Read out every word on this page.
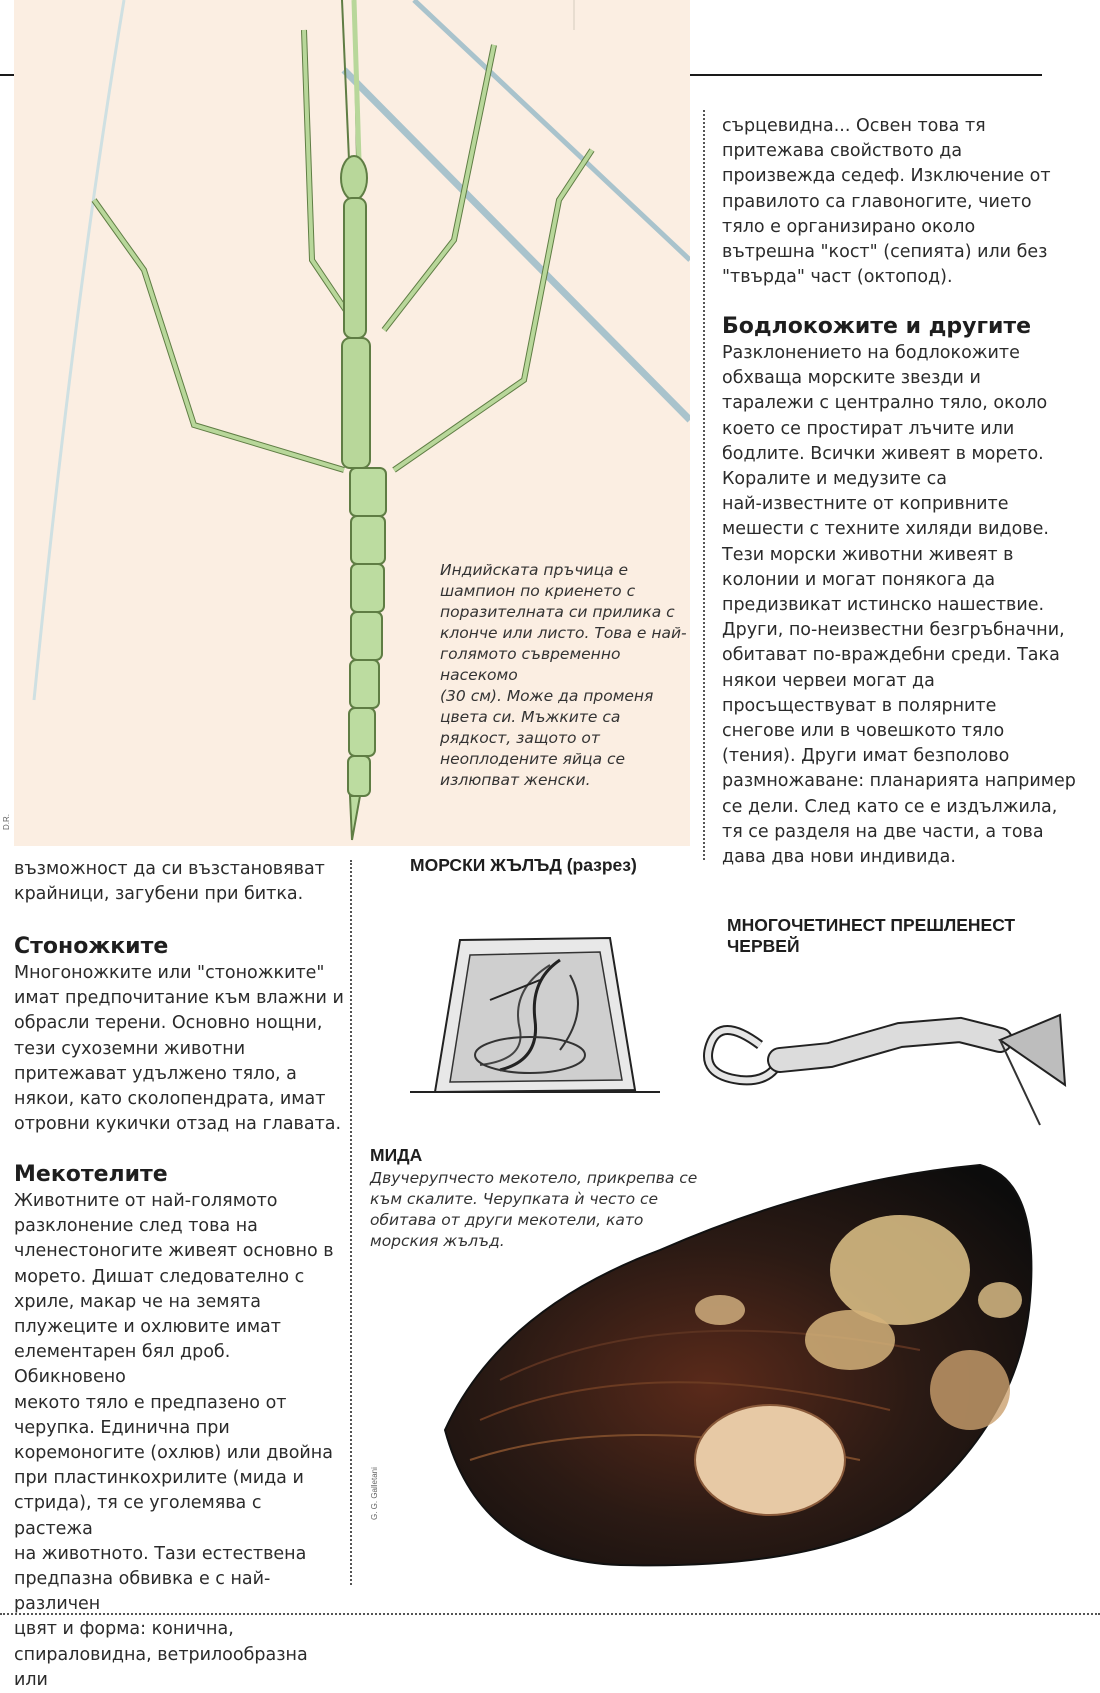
Индийската пръчица е
шампион по криенето с
поразителната си прилика с
клонче или листо. Това е най-
голямото съвременно насекомо
(30 см). Може да променя
цвета си. Мъжките са
рядкост, защото от
неоплодените яйца се
излюпват женски.
D.R.
сърцевидна... Освен това тя
притежава свойството да
произвежда седеф. Изключение от
правилото са главоногите, чието
тяло е организирано около
вътрешна "кост" (сепията) или без
"твърда" част (октопод).
Бодлокожите и другите
Разклонението на бодлокожите
обхваща морските звезди и
таралежи с централно тяло, около
което се простират лъчите или
бодлите. Всички живеят в морето.
Коралите и медузите са
най-известните от копривните
мешести с техните хиляди видове.
Тези морски животни живеят в
колонии и могат понякога да
предизвикат истинско нашествие.
Други, по-неизвестни безгръбначни,
обитават по-враждебни среди. Така
някои червеи могат да
просъществуват в полярните
снегове или в човешкото тяло
(тения). Други имат безполово
размножаване: планарията например
се дели. След като се е издължила,
тя се разделя на две части, а това
дава два нови индивида.
възможност да си възстановяват
крайници, загубени при битка.
Стоножките
Многоножките или "стоножките"
имат предпочитание към влажни и
обрасли терени. Основно нощни,
тези сухоземни животни
притежават удължено тяло, а
някои, като сколопендрата, имат
отровни кукички отзад на главата.
Мекотелите
Животните от най-голямото
разклонение след това на
членестоногите живеят основно в
морето. Дишат следователно с
хриле, макар че на земята
плужеците и охлювите имат
елементарен бял дроб. Обикновено
мекото тяло е предпазено от
черупка. Единична при
коремоногите (охлюв) или двойна
при пластинкохрилите (мида и
стрида), тя се уголемява с растежа
на животното. Тази естествена
предпазна обвивка е с най-различен
цвят и форма: конична,
спираловидна, ветрилообразна или
МОРСКИ ЖЪЛЪД (разрез)
МНОГОЧЕТИНЕСТ ПРЕШЛЕНЕСТ
ЧЕРВЕЙ
МИДА
Двучерупчесто мекотело, прикрепва се
към скалите. Черупката ѝ често се
обитава от други мекотели, като
морския жълъд.
G. G. Galletani
